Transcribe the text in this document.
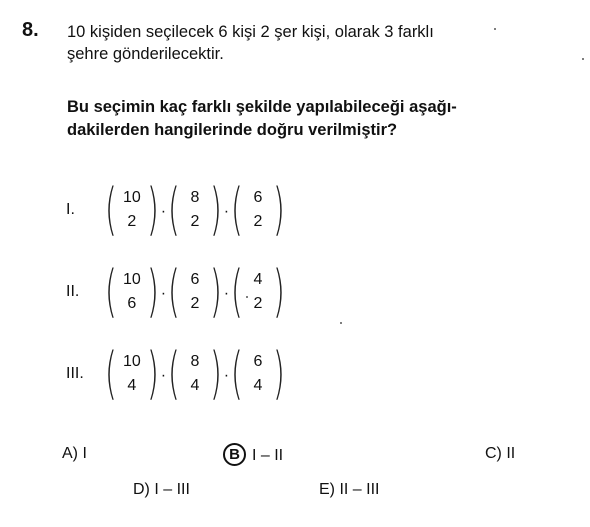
8. 10 kişiden seçilecek 6 kişi 2 şer kişi, olarak 3 farklı
şehre gönderilecektir.
Bu seçimin kaç farklı şekilde yapılabileceği aşağı-
dakilerden hangilerinde doğru verilmiştir?
I. ( 10
2 ) · ( 8
2 ) · ( 6
2 )
II. ( 10
6 ) · ( 6
2 ) · ( 4
2 )
III. ( 10
4 ) · ( 8
4 ) · ( 6
4 )
A) I	B I – II	C) II
D) I – III	E) II – III
